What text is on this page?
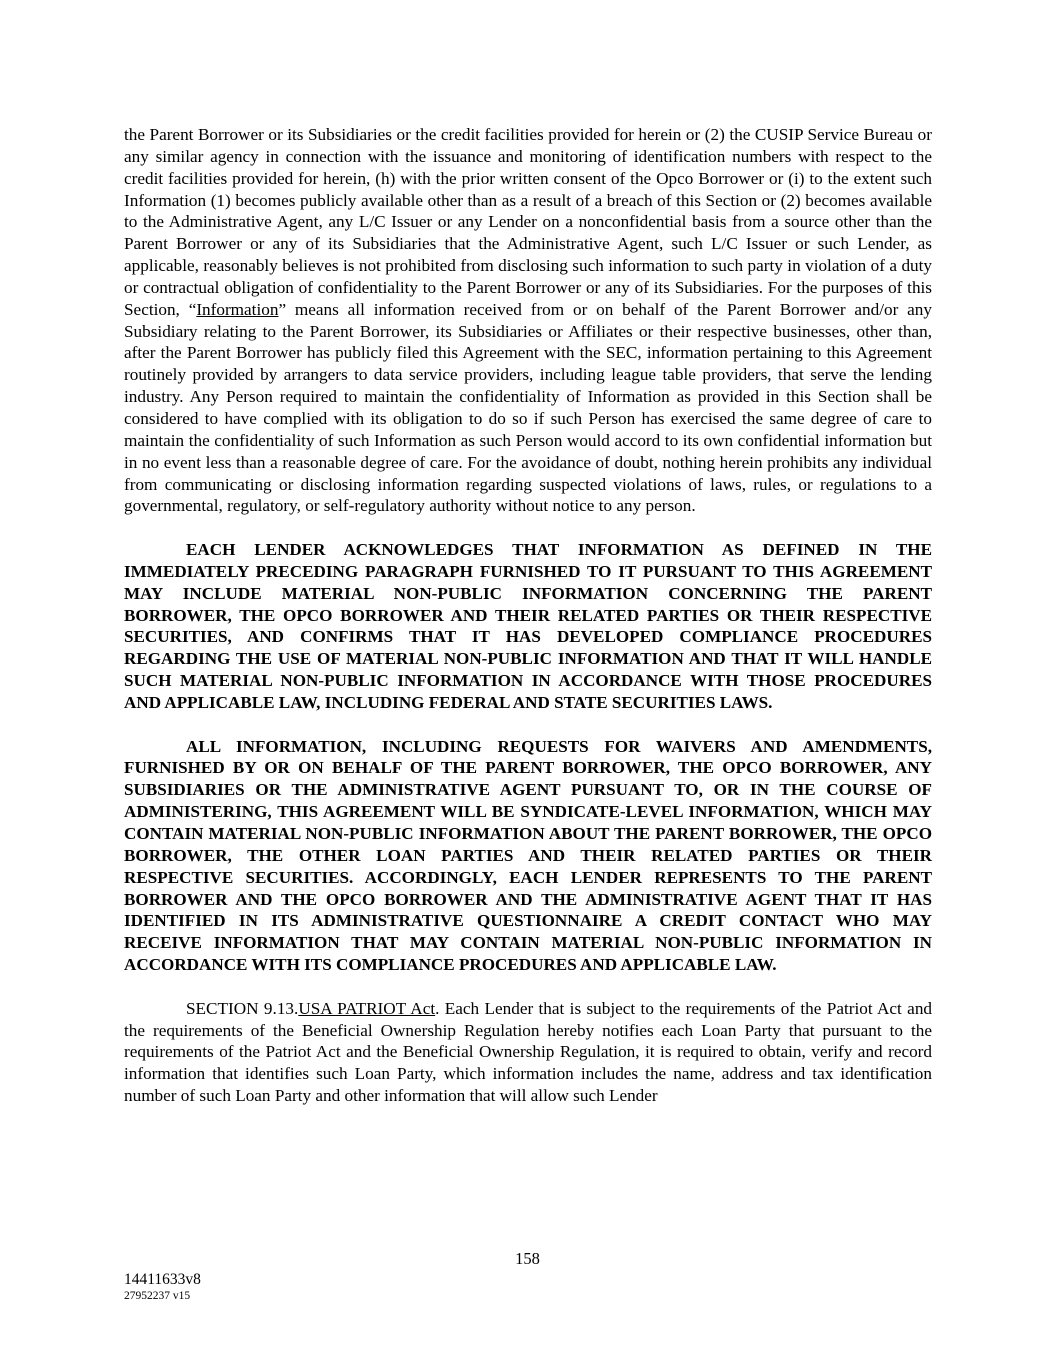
the Parent Borrower or its Subsidiaries or the credit facilities provided for herein or (2) the CUSIP Service Bureau or any similar agency in connection with the issuance and monitoring of identification numbers with respect to the credit facilities provided for herein, (h) with the prior written consent of the Opco Borrower or (i) to the extent such Information (1) becomes publicly available other than as a result of a breach of this Section or (2) becomes available to the Administrative Agent, any L/C Issuer or any Lender on a nonconfidential basis from a source other than the Parent Borrower or any of its Subsidiaries that the Administrative Agent, such L/C Issuer or such Lender, as applicable, reasonably believes is not prohibited from disclosing such information to such party in violation of a duty or contractual obligation of confidentiality to the Parent Borrower or any of its Subsidiaries. For the purposes of this Section, “Information” means all information received from or on behalf of the Parent Borrower and/or any Subsidiary relating to the Parent Borrower, its Subsidiaries or Affiliates or their respective businesses, other than, after the Parent Borrower has publicly filed this Agreement with the SEC, information pertaining to this Agreement routinely provided by arrangers to data service providers, including league table providers, that serve the lending industry. Any Person required to maintain the confidentiality of Information as provided in this Section shall be considered to have complied with its obligation to do so if such Person has exercised the same degree of care to maintain the confidentiality of such Information as such Person would accord to its own confidential information but in no event less than a reasonable degree of care. For the avoidance of doubt, nothing herein prohibits any individual from communicating or disclosing information regarding suspected violations of laws, rules, or regulations to a governmental, regulatory, or self-regulatory authority without notice to any person.

EACH LENDER ACKNOWLEDGES THAT INFORMATION AS DEFINED IN THE IMMEDIATELY PRECEDING PARAGRAPH FURNISHED TO IT PURSUANT TO THIS AGREEMENT MAY INCLUDE MATERIAL NON-PUBLIC INFORMATION CONCERNING THE PARENT BORROWER, THE OPCO BORROWER AND THEIR RELATED PARTIES OR THEIR RESPECTIVE SECURITIES, AND CONFIRMS THAT IT HAS DEVELOPED COMPLIANCE PROCEDURES REGARDING THE USE OF MATERIAL NON-PUBLIC INFORMATION AND THAT IT WILL HANDLE SUCH MATERIAL NON-PUBLIC INFORMATION IN ACCORDANCE WITH THOSE PROCEDURES AND APPLICABLE LAW, INCLUDING FEDERAL AND STATE SECURITIES LAWS.

ALL INFORMATION, INCLUDING REQUESTS FOR WAIVERS AND AMENDMENTS, FURNISHED BY OR ON BEHALF OF THE PARENT BORROWER, THE OPCO BORROWER, ANY SUBSIDIARIES OR THE ADMINISTRATIVE AGENT PURSUANT TO, OR IN THE COURSE OF ADMINISTERING, THIS AGREEMENT WILL BE SYNDICATE-LEVEL INFORMATION, WHICH MAY CONTAIN MATERIAL NON-PUBLIC INFORMATION ABOUT THE PARENT BORROWER, THE OPCO BORROWER, THE OTHER LOAN PARTIES AND THEIR RELATED PARTIES OR THEIR RESPECTIVE SECURITIES. ACCORDINGLY, EACH LENDER REPRESENTS TO THE PARENT BORROWER AND THE OPCO BORROWER AND THE ADMINISTRATIVE AGENT THAT IT HAS IDENTIFIED IN ITS ADMINISTRATIVE QUESTIONNAIRE A CREDIT CONTACT WHO MAY RECEIVE INFORMATION THAT MAY CONTAIN MATERIAL NON-PUBLIC INFORMATION IN ACCORDANCE WITH ITS COMPLIANCE PROCEDURES AND APPLICABLE LAW.

SECTION 9.13.USA PATRIOT Act. Each Lender that is subject to the requirements of the Patriot Act and the requirements of the Beneficial Ownership Regulation hereby notifies each Loan Party that pursuant to the requirements of the Patriot Act and the Beneficial Ownership Regulation, it is required to obtain, verify and record information that identifies such Loan Party, which information includes the name, address and tax identification number of such Loan Party and other information that will allow such Lender

158
14411633v8
27952237 v15
